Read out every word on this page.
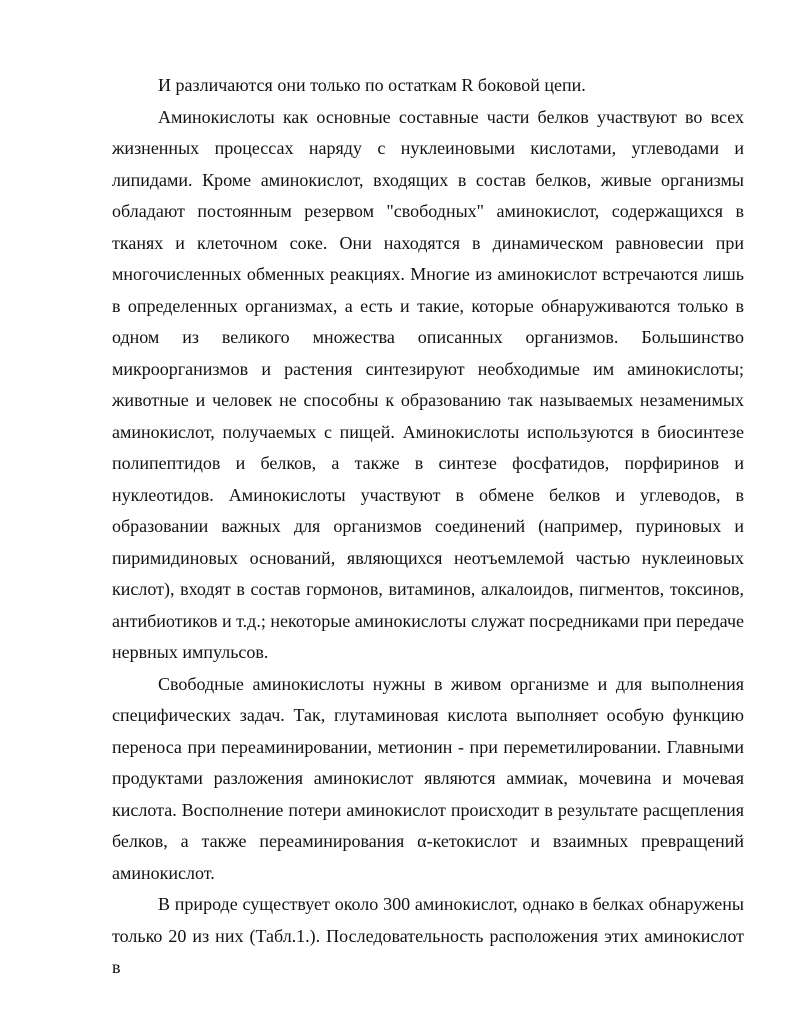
И различаются они только по остаткам R боковой цепи.

Аминокислоты как основные составные части белков участвуют во всех жизненных процессах наряду с нуклеиновыми кислотами, углеводами и липидами. Кроме аминокислот, входящих в состав белков, живые организмы обладают постоянным резервом "свободных" аминокислот, содержащихся в тканях и клеточном соке. Они находятся в динамическом равновесии при многочисленных обменных реакциях. Многие из аминокислот встречаются лишь в определенных организмах, а есть и такие, которые обнаруживаются только в одном из великого множества описанных организмов. Большинство микроорганизмов и растения синтезируют необходимые им аминокислоты; животные и человек не способны к образованию так называемых незаменимых аминокислот, получаемых с пищей. Аминокислоты используются в биосинтезе полипептидов и белков, а также в синтезе фосфатидов, порфиринов и нуклеотидов. Аминокислоты участвуют в обмене белков и углеводов, в образовании важных для организмов соединений (например, пуриновых и пиримидиновых оснований, являющихся неотъемлемой частью нуклеиновых кислот), входят в состав гормонов, витаминов, алкалоидов, пигментов, токсинов, антибиотиков и т.д.; некоторые аминокислоты служат посредниками при передаче нервных импульсов.

Свободные аминокислоты нужны в живом организме и для выполнения специфических задач. Так, глутаминовая кислота выполняет особую функцию переноса при переаминировании, метионин - при переметилировании. Главными продуктами разложения аминокислот являются аммиак, мочевина и мочевая кислота. Восполнение потери аминокислот происходит в результате расщепления белков, а также переаминирования α-кетокислот и взаимных превращений аминокислот.

В природе существует около 300 аминокислот, однако в белках обнаружены только 20 из них (Табл.1.). Последовательность расположения этих аминокислот в
